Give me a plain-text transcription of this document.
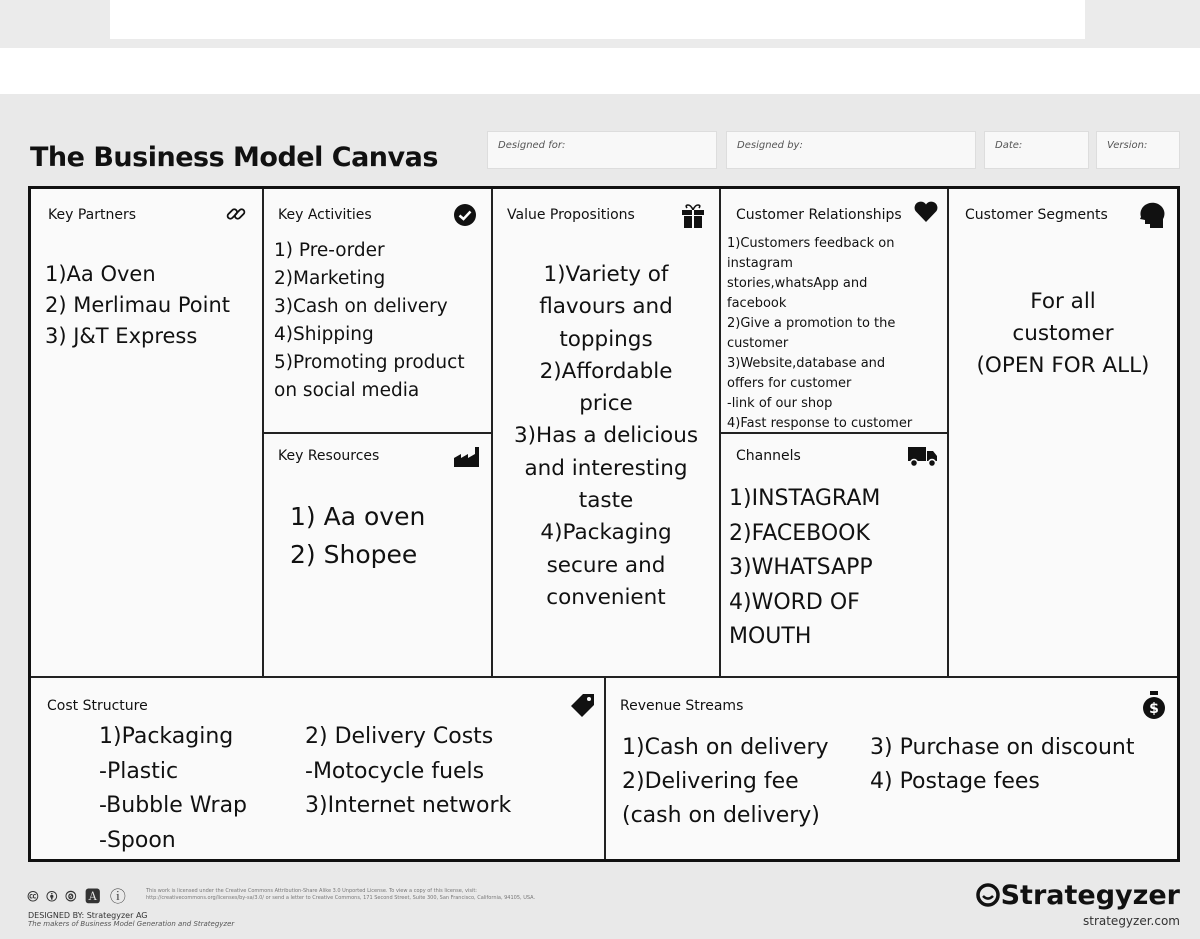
The Business Model Canvas	Designed for:	Designed by:	Date:	Version:
Key Partners
1)Aa Oven
2) Merlimau Point
3) J&T Express
Key Activities
1) Pre-order
2)Marketing
3)Cash on delivery
4)Shipping
5)Promoting product
on social media
Key Resources
1) Aa oven
2) Shopee
Value Propositions
1)Variety of
flavours and
toppings
2)Affordable
price
3)Has a delicious
and interesting
taste
4)Packaging
secure and
convenient
Customer Relationships
1)Customers feedback on
instagram
stories,whatsApp and
facebook
2)Give a promotion to the
customer
3)Website,database and
offers for customer
-link of our shop
4)Fast response to customer
Channels
1)INSTAGRAM
2)FACEBOOK
3)WHATSAPP
4)WORD OF
MOUTH
Customer Segments
For all
customer
(OPEN FOR ALL)
Cost Structure
1)Packaging
-Plastic
-Bubble Wrap
-Spoon
2) Delivery Costs
-Motocycle fuels
3)Internet network
Revenue Streams	$
1)Cash on delivery
2)Delivering fee
(cash on delivery)
3) Purchase on discount
4) Postage fees
🅭 🅯 🄍 🅰 ⓘ	This work is licensed under the Creative Commons Attribution-Share Alike 3.0 Unported License. To view a copy of this license, visit: http://creativecommons.org/licenses/by-sa/3.0/ or send a letter to Creative Commons, 171 Second Street, Suite 300, San Francisco, California, 94105, USA.
DESIGNED BY: Strategyzer AG
The makers of Business Model Generation and Strategyzer
Strategyzer
strategyzer.com
